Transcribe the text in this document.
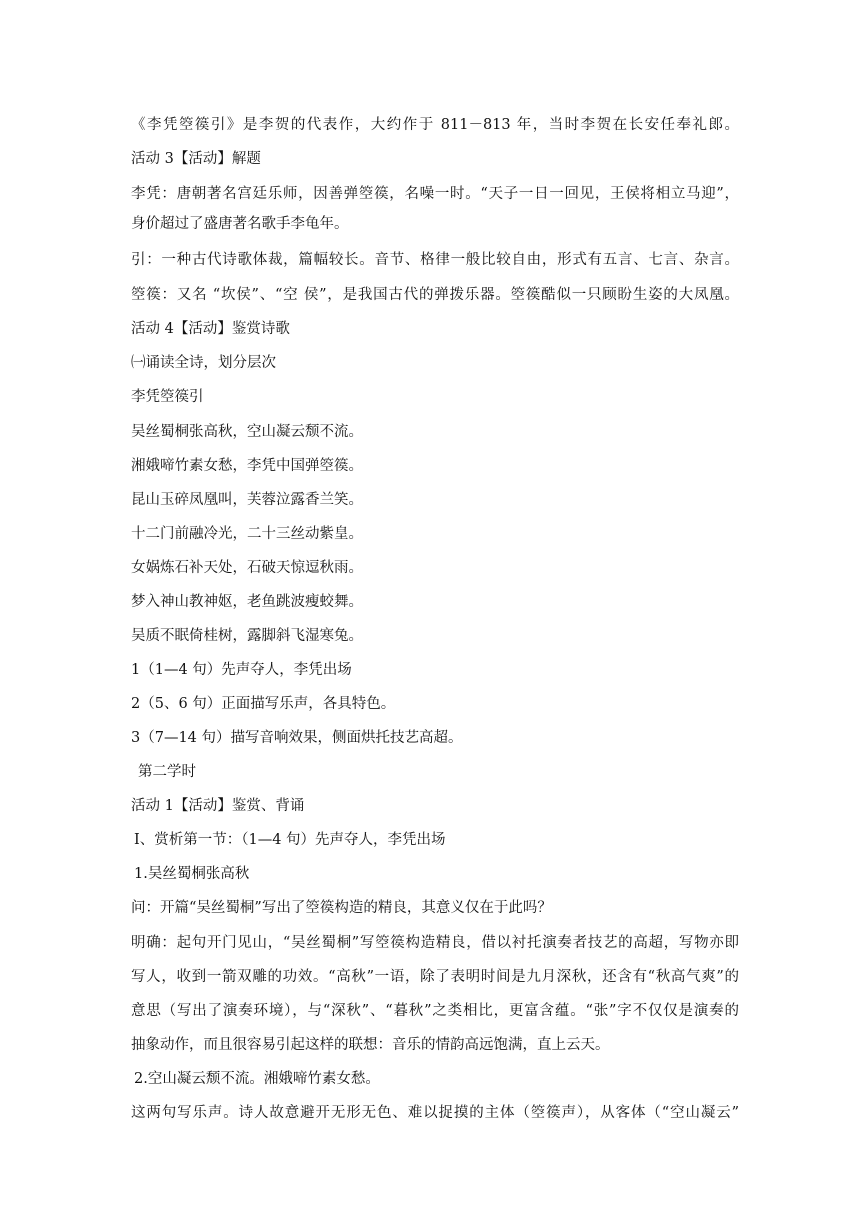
《李凭箜篌引》是李贺的代表作，大约作于 811－813 年，当时李贺在长安任奉礼郎。
活动 3【活动】解题
李凭：唐朝著名宫廷乐师，因善弹箜篌，名噪一时。“天子一日一回见，王侯将相立马迎”，
身价超过了盛唐著名歌手李龟年。
引：一种古代诗歌体裁，篇幅较长。音节、格律一般比较自由，形式有五言、七言、杂言。
箜篌：又名 “坎侯”、“空 侯”，是我国古代的弹拨乐器。箜篌酷似一只顾盼生姿的大凤凰。
活动 4【活动】鉴赏诗歌
㈠诵读全诗，划分层次
李凭箜篌引
吴丝蜀桐张高秋，空山凝云颓不流。
湘娥啼竹素女愁，李凭中国弹箜篌。
昆山玉碎凤凰叫，芙蓉泣露香兰笑。
十二门前融冷光，二十三丝动紫皇。
女娲炼石补天处，石破天惊逗秋雨。
梦入神山教神妪，老鱼跳波瘦蛟舞。
吴质不眠倚桂树，露脚斜飞湿寒兔。
1（1—4 句）先声夺人，李凭出场
2（5、6 句）正面描写乐声，各具特色。
3（7—14 句）描写音响效果，侧面烘托技艺高超。
第二学时
活动 1【活动】鉴赏、背诵
Ⅰ、赏析第一节：（1—4 句）先声夺人，李凭出场
1.吴丝蜀桐张高秋
问：开篇“吴丝蜀桐”写出了箜篌构造的精良，其意义仅在于此吗？
明确：起句开门见山，“吴丝蜀桐”写箜篌构造精良，借以衬托演奏者技艺的高超，写物亦即
写人，收到一箭双雕的功效。“高秋”一语，除了表明时间是九月深秋，还含有“秋高气爽”的
意思（写出了演奏环境），与“深秋”、“暮秋”之类相比，更富含蕴。“张”字不仅仅是演奏的
抽象动作，而且很容易引起这样的联想：音乐的情韵高远饱满，直上云天。
2.空山凝云颓不流。湘娥啼竹素女愁。
这两句写乐声。诗人故意避开无形无色、难以捉摸的主体（箜篌声），从客体（“空山凝云”
